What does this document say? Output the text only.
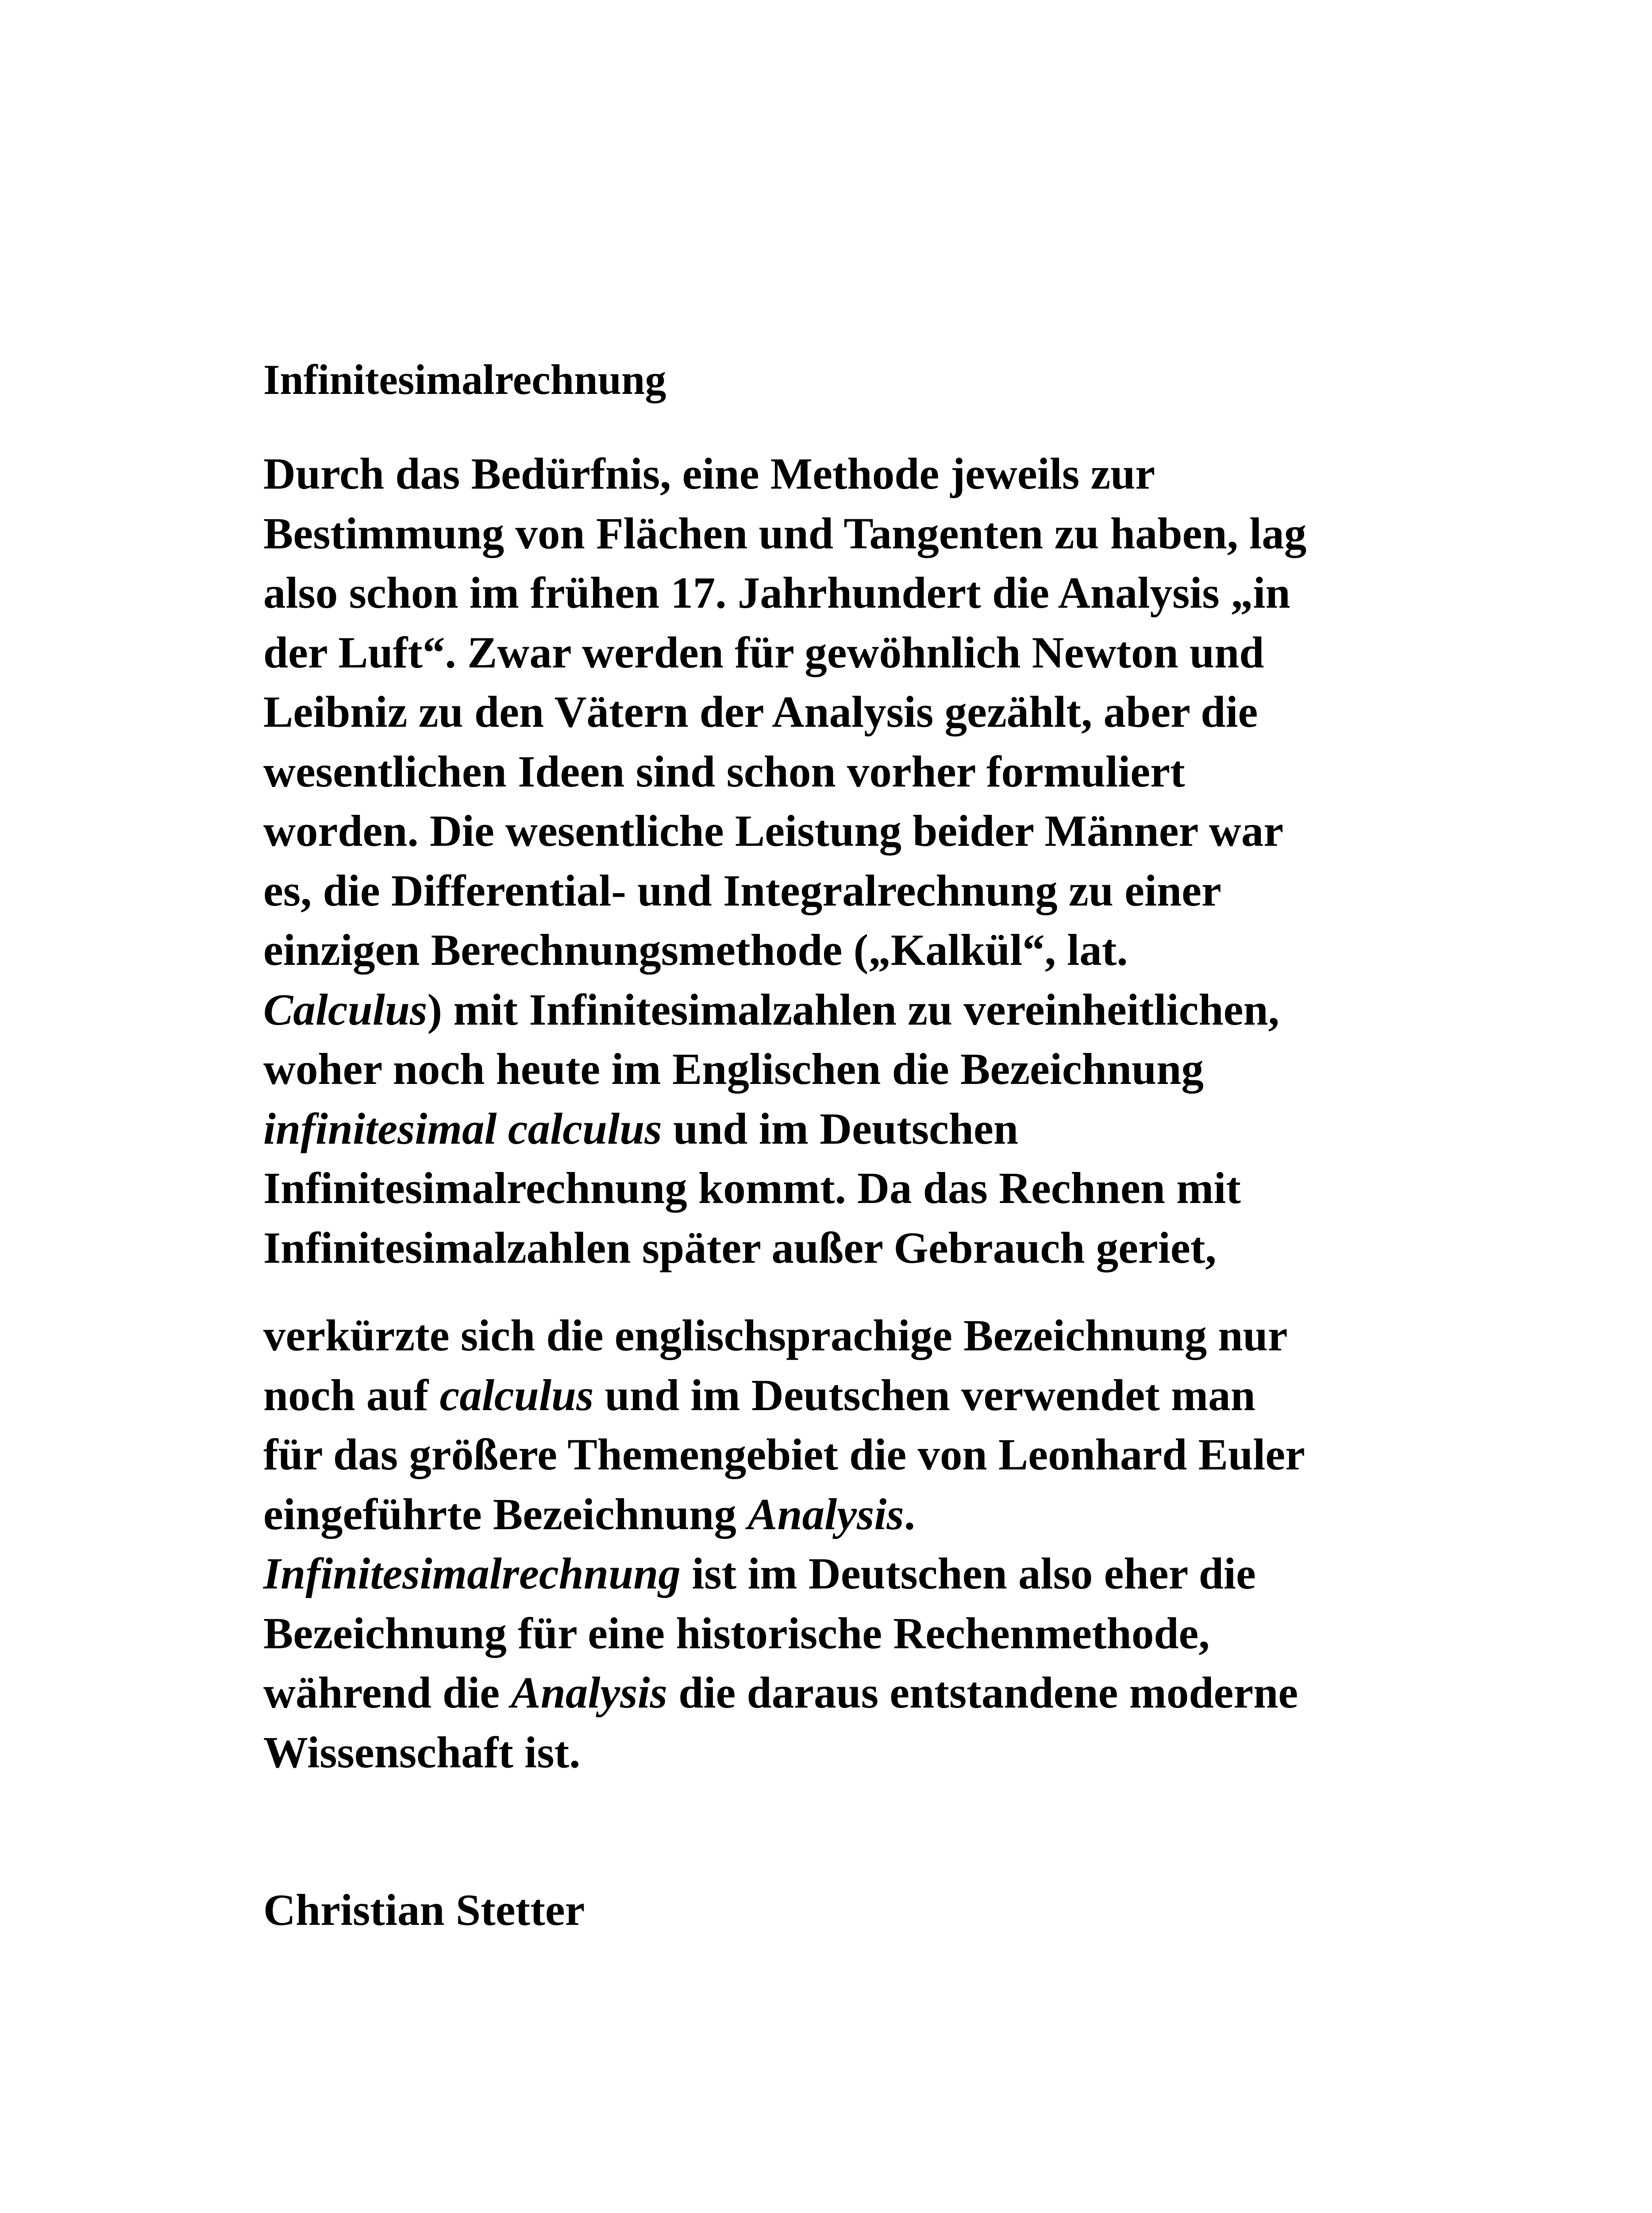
Infinitesimalrechnung

Durch das Bedürfnis, eine Methode jeweils zur
Bestimmung von Flächen und Tangenten zu haben, lag
also schon im frühen 17. Jahrhundert die Analysis „in
der Luft“. Zwar werden für gewöhnlich Newton und
Leibniz zu den Vätern der Analysis gezählt, aber die
wesentlichen Ideen sind schon vorher formuliert
worden. Die wesentliche Leistung beider Männer war
es, die Differential- und Integralrechnung zu einer
einzigen Berechnungsmethode („Kalkül“, lat.
Calculus) mit Infinitesimalzahlen zu vereinheitlichen,
woher noch heute im Englischen die Bezeichnung
infinitesimal calculus und im Deutschen
Infinitesimalrechnung kommt. Da das Rechnen mit
Infinitesimalzahlen später außer Gebrauch geriet,

verkürzte sich die englischsprachige Bezeichnung nur
noch auf calculus und im Deutschen verwendet man
für das größere Themengebiet die von Leonhard Euler
eingeführte Bezeichnung Analysis.
Infinitesimalrechnung ist im Deutschen also eher die
Bezeichnung für eine historische Rechenmethode,
während die Analysis die daraus entstandene moderne
Wissenschaft ist.

Christian Stetter
